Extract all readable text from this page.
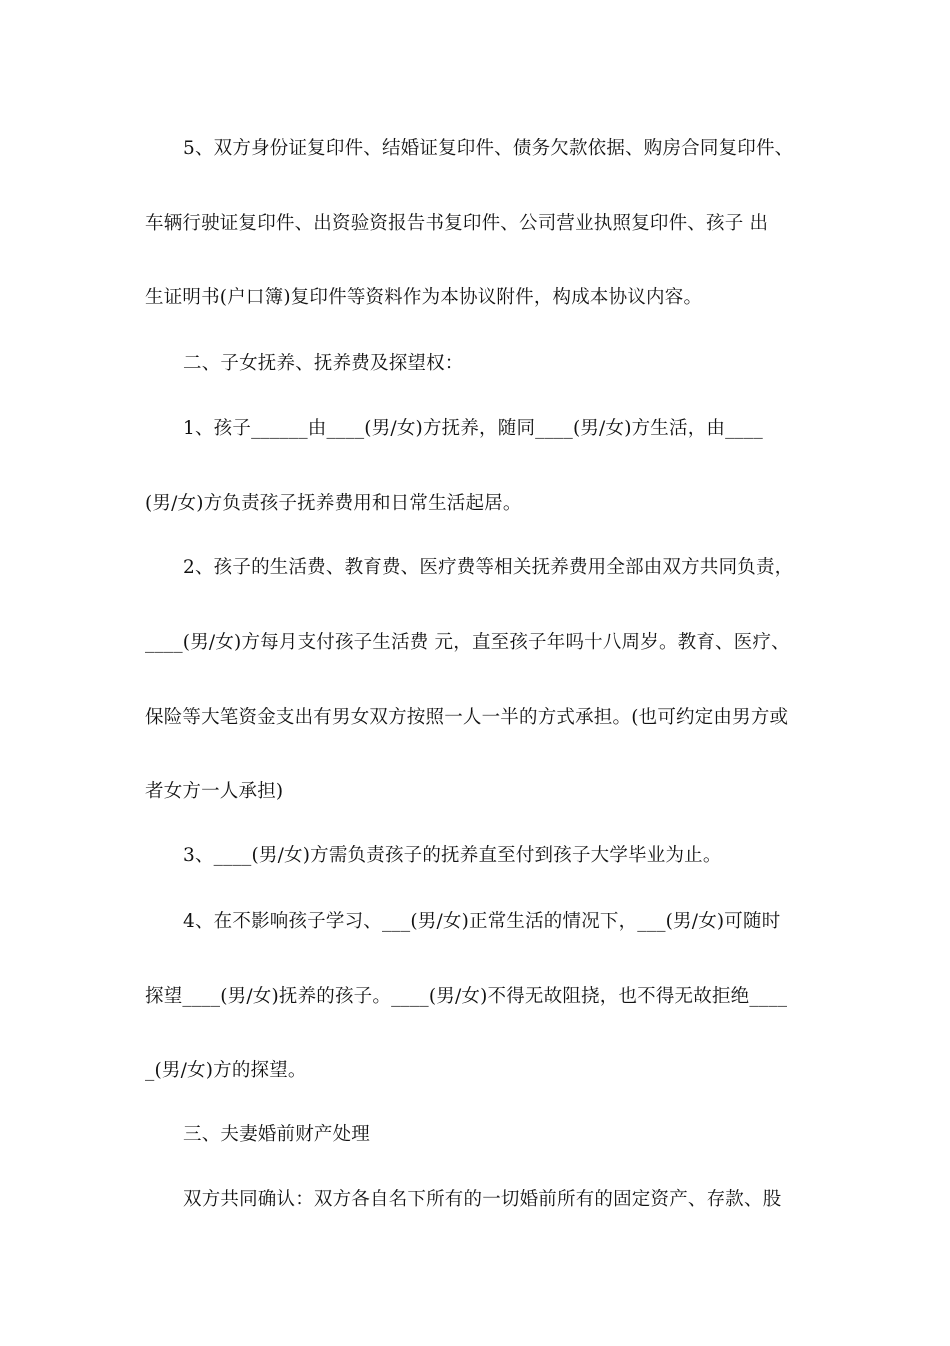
5、双方身份证复印件、结婚证复印件、债务欠款依据、购房合同复印件、

车辆行驶证复印件、出资验资报告书复印件、公司营业执照复印件、孩子 出

生证明书(户口簿)复印件等资料作为本协议附件，构成本协议内容。

二、子女抚养、抚养费及探望权：

1、孩子______由____(男/女)方抚养，随同____(男/女)方生活，由____

(男/女)方负责孩子抚养费用和日常生活起居。

2、孩子的生活费、教育费、医疗费等相关抚养费用全部由双方共同负责，

____(男/女)方每月支付孩子生活费 元，直至孩子年吗十八周岁。教育、医疗、

保险等大笔资金支出有男女双方按照一人一半的方式承担。(也可约定由男方或

者女方一人承担)

3、____(男/女)方需负责孩子的抚养直至付到孩子大学毕业为止。

4、在不影响孩子学习、___(男/女)正常生活的情况下，___(男/女)可随时

探望____(男/女)抚养的孩子。____(男/女)不得无故阻挠，也不得无故拒绝____

_(男/女)方的探望。

三、夫妻婚前财产处理

双方共同确认：双方各自名下所有的一切婚前所有的固定资产、存款、股
